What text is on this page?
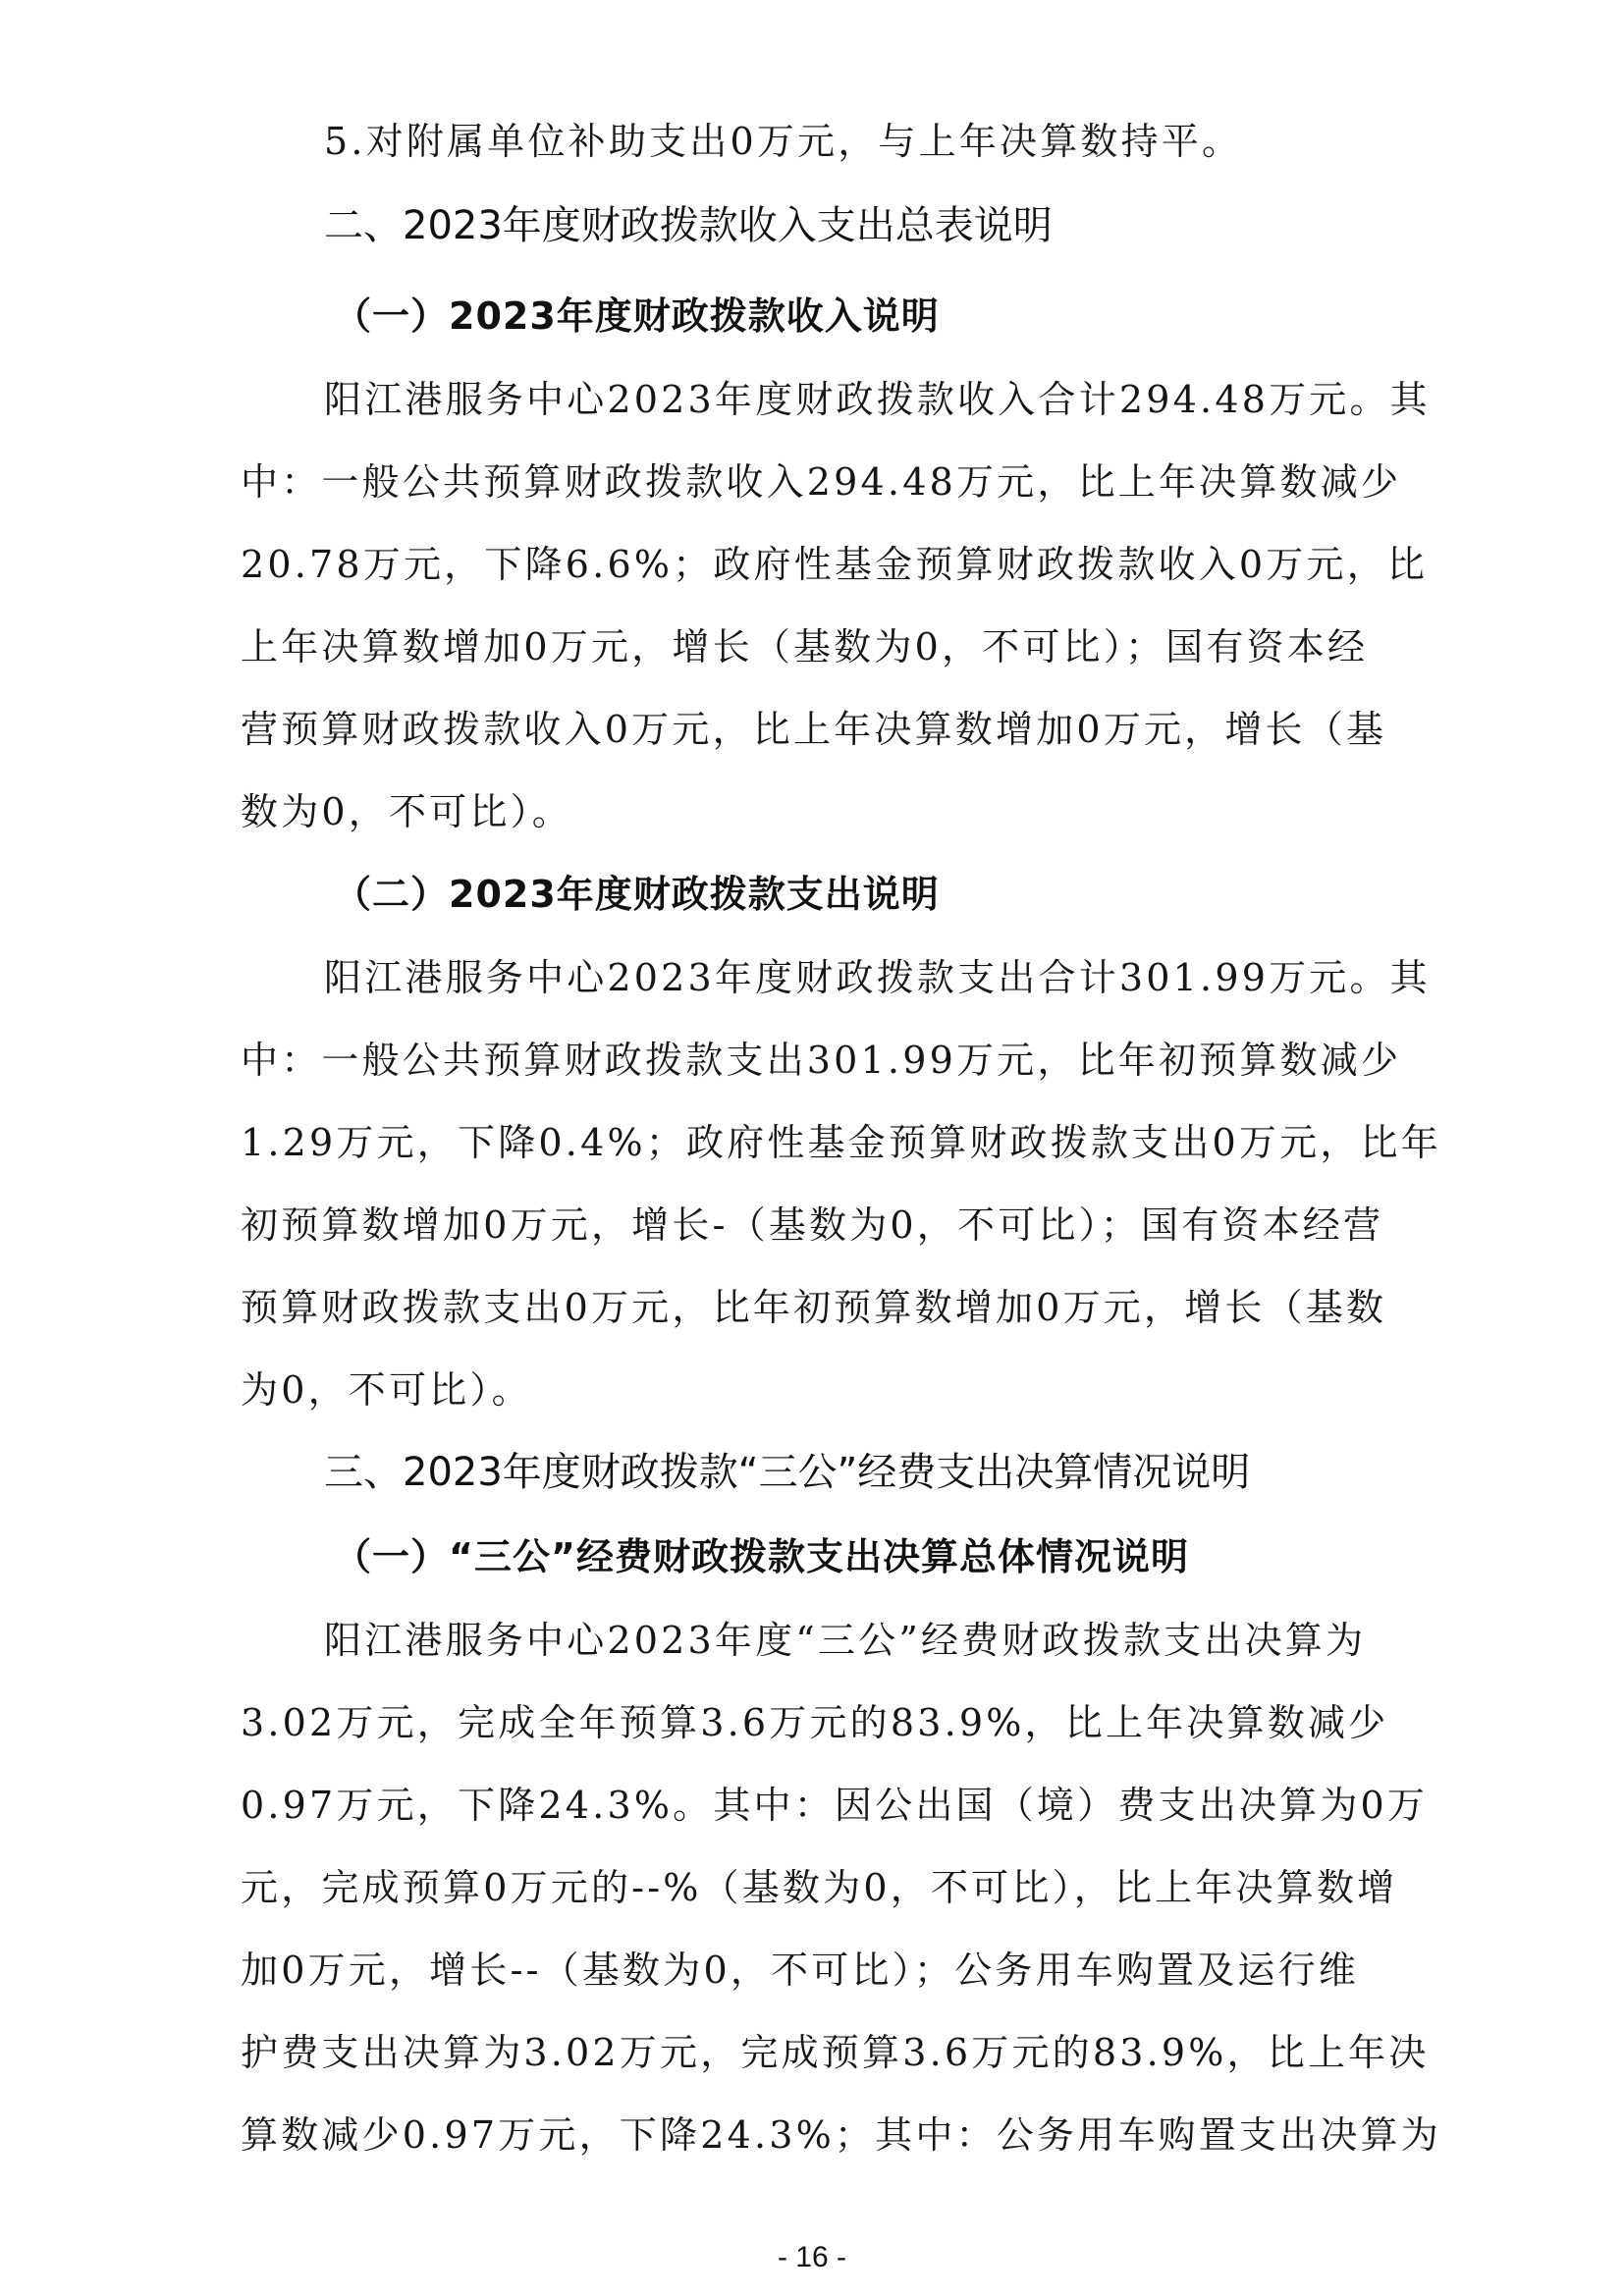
5.对附属单位补助支出0万元，与上年决算数持平。
二、2023年度财政拨款收入支出总表说明
（一）2023年度财政拨款收入说明
阳江港服务中心2023年度财政拨款收入合计294.48万元。其
中：一般公共预算财政拨款收入294.48万元，比上年决算数减少
20.78万元，下降6.6%；政府性基金预算财政拨款收入0万元，比
上年决算数增加0万元，增长（基数为0，不可比）；国有资本经
营预算财政拨款收入0万元，比上年决算数增加0万元，增长（基
数为0，不可比）。
（二）2023年度财政拨款支出说明
阳江港服务中心2023年度财政拨款支出合计301.99万元。其
中：一般公共预算财政拨款支出301.99万元，比年初预算数减少
1.29万元，下降0.4%；政府性基金预算财政拨款支出0万元，比年
初预算数增加0万元，增长-（基数为0，不可比）；国有资本经营
预算财政拨款支出0万元，比年初预算数增加0万元，增长（基数
为0，不可比）。
三、2023年度财政拨款“三公”经费支出决算情况说明
（一）“三公”经费财政拨款支出决算总体情况说明
阳江港服务中心2023年度“三公”经费财政拨款支出决算为
3.02万元，完成全年预算3.6万元的83.9%，比上年决算数减少
0.97万元，下降24.3%。其中：因公出国（境）费支出决算为0万
元，完成预算0万元的--%（基数为0，不可比），比上年决算数增
加0万元，增长--（基数为0，不可比）；公务用车购置及运行维
护费支出决算为3.02万元，完成预算3.6万元的83.9%，比上年决
算数减少0.97万元，下降24.3%；其中：公务用车购置支出决算为
- 16 -
